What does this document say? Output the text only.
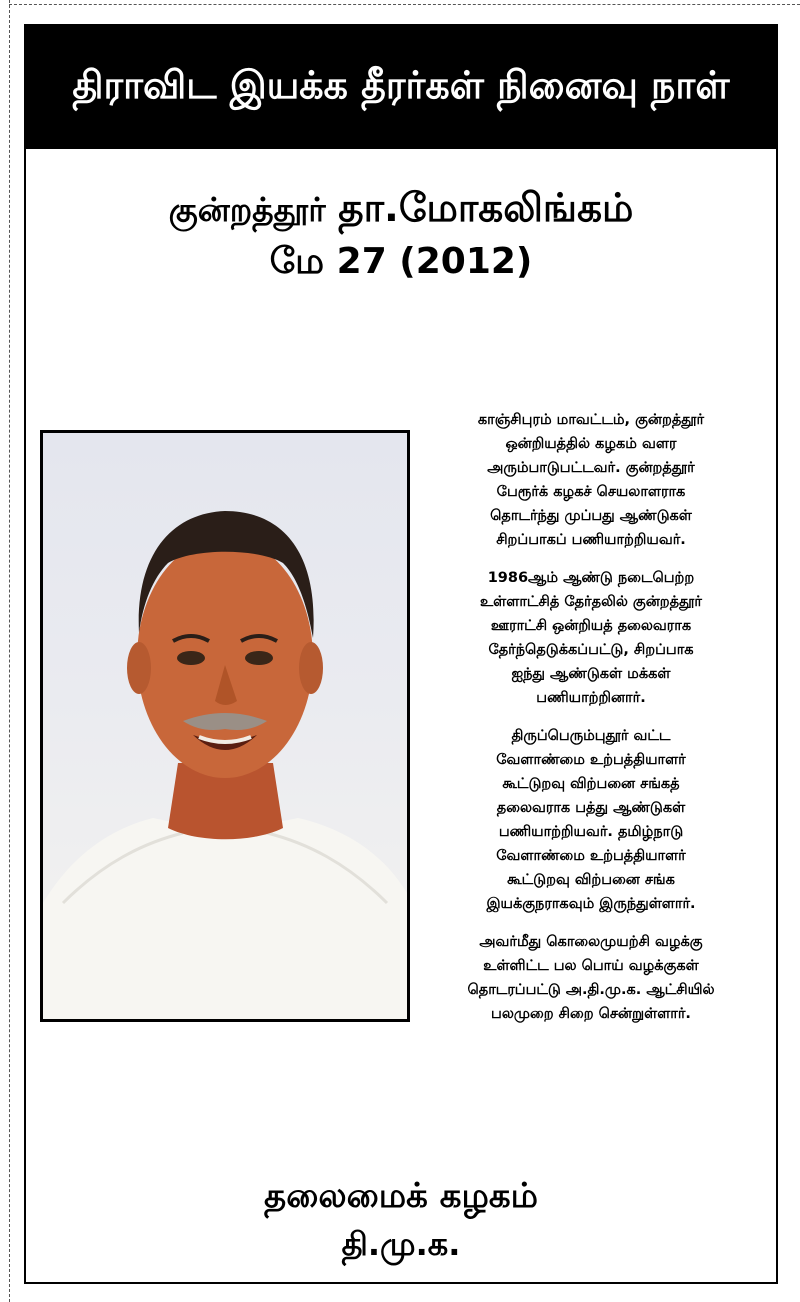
திராவிட இயக்க தீரர்கள் நினைவு நாள்
குன்றத்தூர் தா.மோகலிங்கம்
மே 27 (2012)

காஞ்சிபுரம் மாவட்டம், குன்றத்தூர்
ஒன்றியத்தில் கழகம் வளர
அரும்பாடுபட்டவர். குன்றத்தூர்
பேரூர்க் கழகச் செயலாளராக
தொடர்ந்து முப்பது ஆண்டுகள்
சிறப்பாகப் பணியாற்றியவர்.

1986ஆம் ஆண்டு நடைபெற்ற
உள்ளாட்சித் தேர்தலில் குன்றத்தூர்
ஊராட்சி ஒன்றியத் தலைவராக
தேர்ந்தெடுக்கப்பட்டு, சிறப்பாக
ஐந்து ஆண்டுகள் மக்கள்
பணியாற்றினார்.

திருப்பெரும்புதூர் வட்ட
வேளாண்மை உற்பத்தியாளர்
கூட்டுறவு விற்பனை சங்கத்
தலைவராக பத்து ஆண்டுகள்
பணியாற்றியவர். தமிழ்நாடு
வேளாண்மை உற்பத்தியாளர்
கூட்டுறவு விற்பனை சங்க
இயக்குநராகவும் இருந்துள்ளார்.

அவர்மீது கொலைமுயற்சி வழக்கு
உள்ளிட்ட பல பொய் வழக்குகள்
தொடரப்பட்டு அ.தி.மு.க. ஆட்சியில்
பலமுறை சிறை சென்றுள்ளார்.

தலைமைக் கழகம்
தி.மு.க.
